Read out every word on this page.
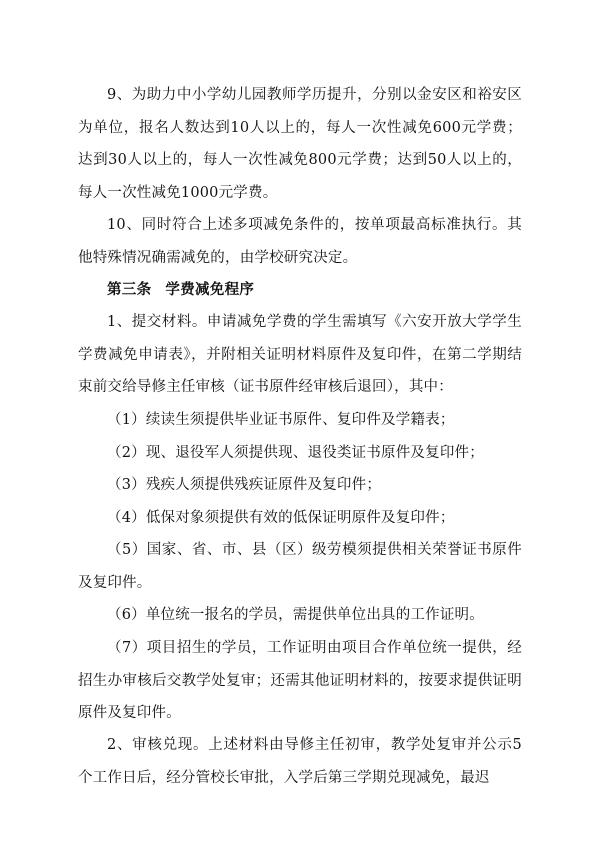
9、为助力中小学幼儿园教师学历提升，分别以金安区和裕安区为单位，报名人数达到10人以上的，每人一次性减免600元学费；达到30人以上的，每人一次性减免800元学费；达到50人以上的，每人一次性减免1000元学费。

10、同时符合上述多项减免条件的，按单项最高标准执行。其他特殊情况确需减免的，由学校研究决定。

第三条 学费减免程序

1、提交材料。申请减免学费的学生需填写《六安开放大学学生学费减免申请表》，并附相关证明材料原件及复印件，在第二学期结束前交给导修主任审核（证书原件经审核后退回），其中：

（1）续读生须提供毕业证书原件、复印件及学籍表；

（2）现、退役军人须提供现、退役类证书原件及复印件；

（3）残疾人须提供残疾证原件及复印件；

（4）低保对象须提供有效的低保证明原件及复印件；

（5）国家、省、市、县（区）级劳模须提供相关荣誉证书原件及复印件。

（6）单位统一报名的学员，需提供单位出具的工作证明。

（7）项目招生的学员，工作证明由项目合作单位统一提供，经招生办审核后交教学处复审；还需其他证明材料的，按要求提供证明原件及复印件。

2、审核兑现。上述材料由导修主任初审，教学处复审并公示5个工作日后，经分管校长审批，入学后第三学期兑现减免，最迟
